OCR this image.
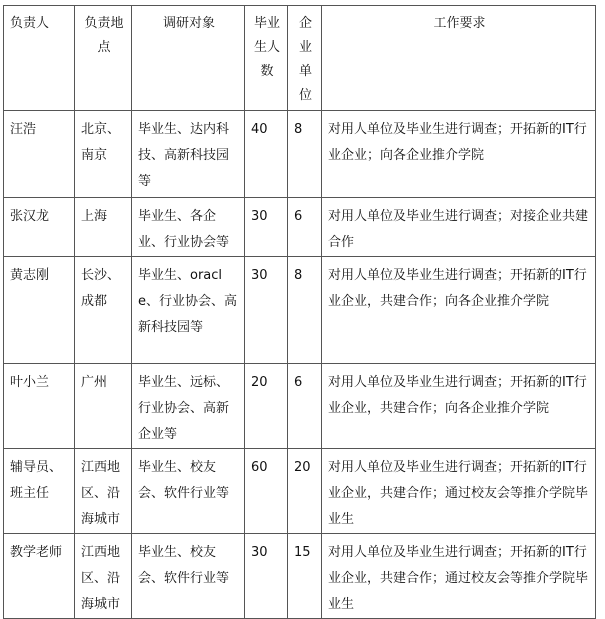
负责人	负责地点	调研对象	毕业生人数	企业单位	工作要求
汪浩	北京、南京	毕业生、达内科技、高新科技园等	40	8	对用人单位及毕业生进行调查；开拓新的IT行业企业；向各企业推介学院
张汉龙	上海	毕业生、各企业、行业协会等	30	6	对用人单位及毕业生进行调查；对接企业共建合作
黄志刚	长沙、成都	毕业生、oracle、行业协会、高新科技园等	30	8	对用人单位及毕业生进行调查；开拓新的IT行业企业，共建合作；向各企业推介学院
叶小兰	广州	毕业生、远标、行业协会、高新企业等	20	6	对用人单位及毕业生进行调查；开拓新的IT行业企业，共建合作；向各企业推介学院
辅导员、班主任	江西地区、沿海城市	毕业生、校友会、软件行业等	60	20	对用人单位及毕业生进行调查；开拓新的IT行业企业，共建合作；通过校友会等推介学院毕业生
教学老师	江西地区、沿海城市	毕业生、校友会、软件行业等	30	15	对用人单位及毕业生进行调查；开拓新的IT行业企业，共建合作；通过校友会等推介学院毕业生
